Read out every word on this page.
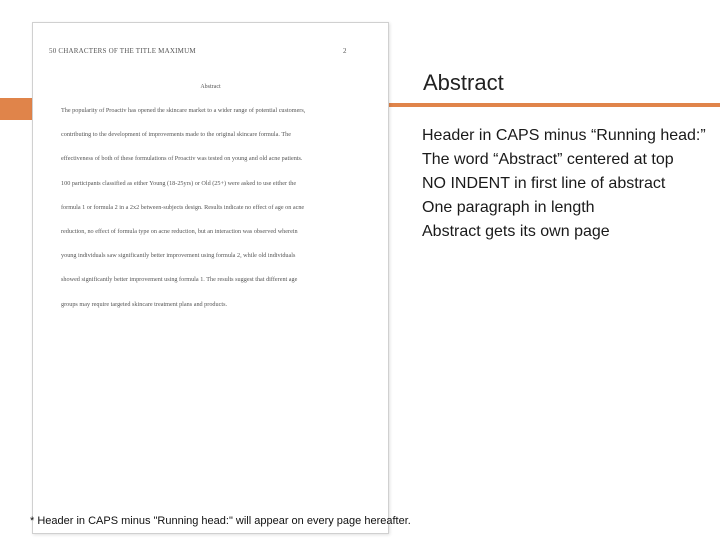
50 CHARACTERS OF THE TITLE MAXIMUM	2
Abstract

The popularity of Proactiv has opened the skincare market to a wider range of potential customers,
contributing to the development of improvements made to the original skincare formula. The
effectiveness of both of these formulations of Proactiv was tested on young and old acne patients.
100 participants classified as either Young (18-25yrs) or Old (25+) were asked to use either the
formula 1 or formula 2 in a 2x2 between-subjects design. Results indicate no effect of age on acne
reduction, no effect of formula type on acne reduction, but an interaction was observed wherein
young individuals saw significantly better improvement using formula 2, while old individuals
showed significantly better improvement using formula 1. The results suggest that different age
groups may require targeted skincare treatment plans and products.

Abstract
Header in CAPS minus “Running head:”
The word “Abstract” centered at top
NO INDENT in first line of abstract
One paragraph in length
Abstract gets its own page
* Header in CAPS minus "Running head:" will appear on every page hereafter.
